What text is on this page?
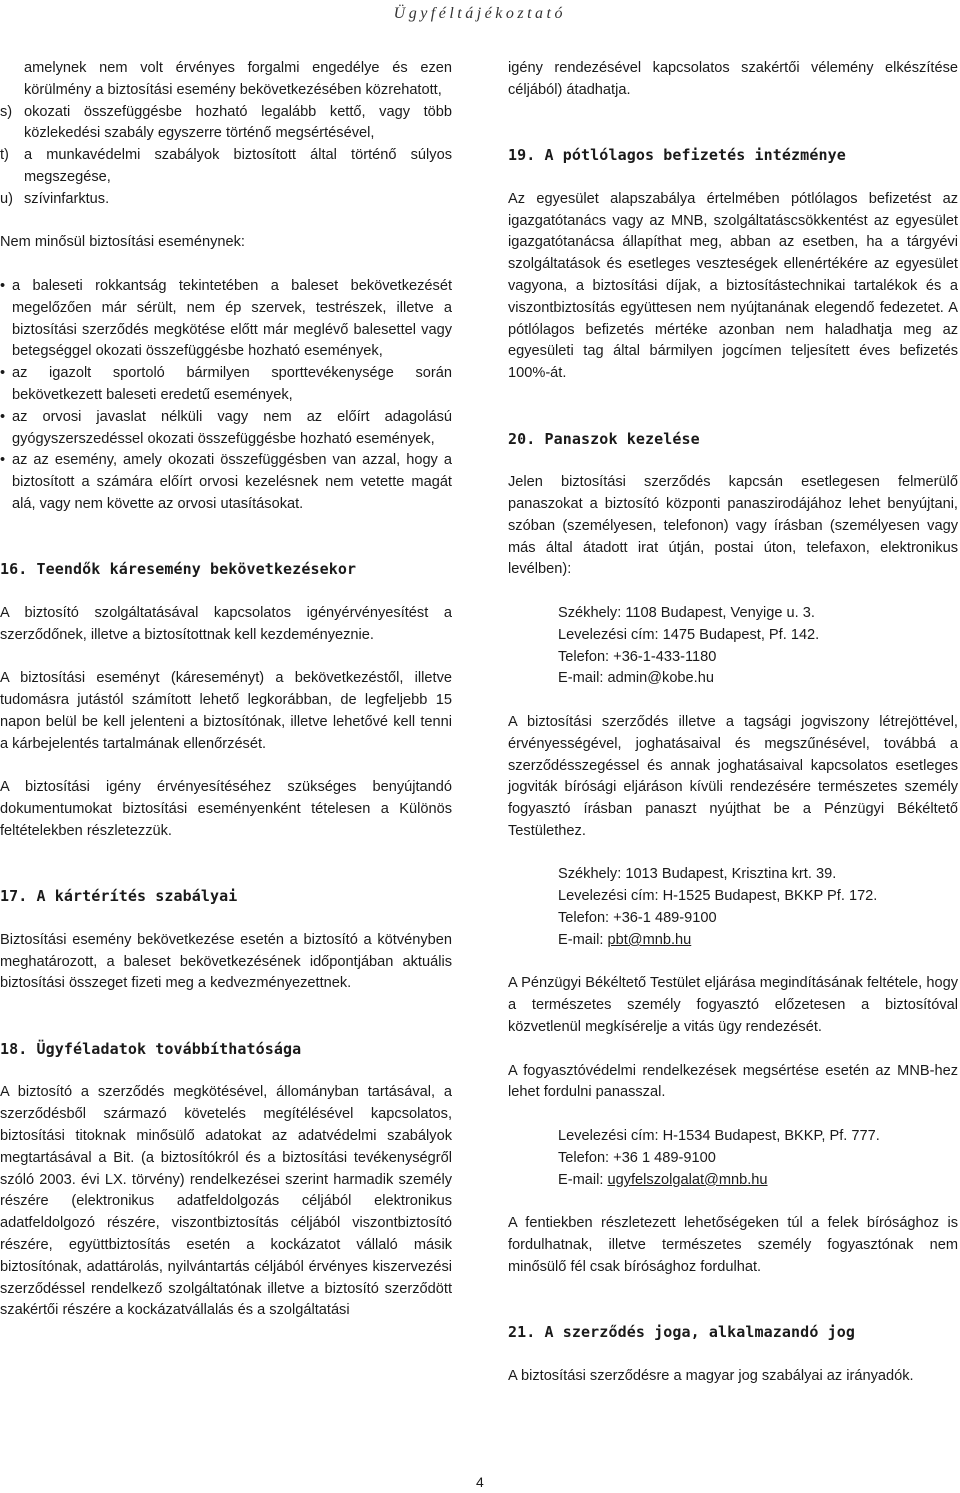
Ügyféltájékoztató

amelynek nem volt érvényes forgalmi engedélye és ezen körülmény a biztosítási esemény bekövetkezésében közrehatott,

s) okozati összefüggésbe hozható legalább kettő, vagy több közlekedési szabály egyszerre történő megsértésével,
t)	a munkavédelmi szabályok biztosított által történő súlyos megszegése,
u) szívinfarktus.

Nem minősül biztosítási eseménynek:

• a baleseti rokkantság tekintetében a baleset bekövetkezését megelőzően már sérült, nem ép szervek, testrészek, illetve a biztosítási szerződés megkötése előtt már meglévő balesettel vagy betegséggel okozati összefüggésbe hozható események,
• az igazolt sportoló bármilyen sporttevékenysége során bekövetkezett baleseti eredetű események,
• az orvosi javaslat nélküli vagy nem az előírt adagolású gyógyszerszedéssel okozati összefüggésbe hozható események,
• az az esemény, amely okozati összefüggésben van azzal, hogy a biztosított a számára előírt orvosi kezelésnek nem vetette magát alá, vagy nem követte az orvosi utasításokat.
16. Teendők káresemény bekövetkezésekor

A biztosító szolgáltatásával kapcsolatos igényérvényesítést a szerződőnek, illetve a biztosítottnak kell kezdeményeznie.

A biztosítási eseményt (káreseményt) a bekövetkezéstől, illetve tudomásra jutástól számított lehető legkorábban, de legfeljebb 15 napon belül be kell jelenteni a biztosítónak, illetve lehetővé kell tenni a kárbejelentés tartalmának ellenőrzését.

A biztosítási igény érvényesítéséhez szükséges benyújtandó dokumentumokat biztosítási eseményenként tételesen a Különös feltételekben részletezzük.

17. A kártérítés szabályai

Biztosítási esemény bekövetkezése esetén a biztosító a kötvényben meghatározott, a baleset bekövetkezésének időpontjában aktuális biztosítási összeget fizeti meg a kedvezményezettnek.

18. Ügyféladatok továbbíthatósága

A biztosító a szerződés megkötésével, állományban tartásával, a szerződésből származó követelés megítélésével kapcsolatos, biztosítási titoknak minősülő adatokat az adatvédelmi szabályok megtartásával a Bit. (a biztosítókról és a biztosítási tevékenységről szóló 2003. évi LX. törvény) rendelkezései szerint harmadik személy részére (elektronikus adatfeldolgozás céljából elektronikus adatfeldolgozó részére, viszontbiztosítás céljából viszontbiztosító részére, együttbiztosítás esetén a kockázatot vállaló másik biztosítónak, adattárolás, nyilvántartás céljából érvényes kiszervezési szerződéssel rendelkező szolgáltatónak illetve a biztosító szerződött szakértői részére a kockázatvállalás és a szolgáltatási

igény rendezésével kapcsolatos szakértői vélemény elkészítése céljából) átadhatja.

19. A pótlólagos befizetés intézménye

Az egyesület alapszabálya értelmében pótlólagos befizetést az igazgatótanács vagy az MNB, szolgáltatáscsökkentést az egyesület igazgatótanácsa állapíthat meg, abban az esetben, ha a tárgyévi szolgáltatások és esetleges veszteségek ellenértékére az egyesület vagyona, a biztosítási díjak, a biztosítástechnikai tartalékok és a viszontbiztosítás együttesen nem nyújtanának elegendő fedezetet. A pótlólagos befizetés mértéke azonban nem haladhatja meg az egyesületi tag által bármilyen jogcímen teljesített éves befizetés 100%-át.

20. Panaszok kezelése

Jelen biztosítási szerződés kapcsán esetlegesen felmerülő panaszokat a biztosító központi panaszirodájához lehet benyújtani, szóban (személyesen, telefonon) vagy írásban (személyesen vagy más által átadott irat útján, postai úton, telefaxon, elektronikus levélben):

Székhely: 1108 Budapest, Venyige u. 3.
Levelezési cím: 1475 Budapest, Pf. 142.
Telefon: +36-1-433-1180
E-mail: admin@kobe.hu

A biztosítási szerződés illetve a tagsági jogviszony létrejöttével, érvényességével, joghatásaival és megszűnésével, továbbá a szerződésszegéssel és annak joghatásaival kapcsolatos esetleges jogviták bírósági eljáráson kívüli rendezésére természetes személy fogyasztó írásban panaszt nyújthat be a Pénzügyi Békéltető Testülethez.

Székhely: 1013 Budapest, Krisztina krt. 39.
Levelezési cím: H-1525 Budapest, BKKP Pf. 172.
Telefon: +36-1 489-9100
E-mail: pbt@mnb.hu

A Pénzügyi Békéltető Testület eljárása megindításának feltétele, hogy a természetes személy fogyasztó előzetesen a biztosítóval közvetlenül megkísérelje a vitás ügy rendezését.

A fogyasztóvédelmi rendelkezések megsértése esetén az MNB-hez lehet fordulni panasszal.

Levelezési cím: H-1534 Budapest, BKKP, Pf. 777.
Telefon: +36 1 489-9100
E-mail: ugyfelszolgalat@mnb.hu

A fentiekben részletezett lehetőségeken túl a felek bírósághoz is fordulhatnak, illetve természetes személy fogyasztónak nem minősülő fél csak bírósághoz fordulhat.

21. A szerződés joga, alkalmazandó jog

A biztosítási szerződésre a magyar jog szabályai az irányadók.

4
